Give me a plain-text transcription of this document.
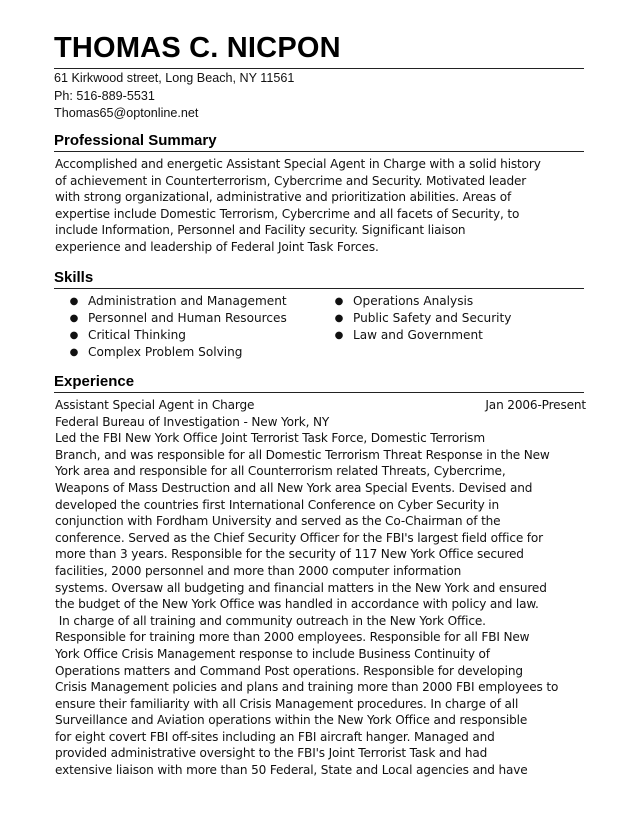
THOMAS C. NICPON
61 Kirkwood street, Long Beach, NY 11561
Ph: 516-889-5531
Thomas65@optonline.net
Professional Summary
Accomplished and energetic Assistant Special Agent in Charge with a solid history
of achievement in Counterterrorism, Cybercrime and Security. Motivated leader
with strong organizational, administrative and prioritization abilities. Areas of
expertise include Domestic Terrorism, Cybercrime and all facets of Security, to
include Information, Personnel and Facility security. Significant liaison
experience and leadership of Federal Joint Task Forces.
Skills
● Administration and Management
● Personnel and Human Resources
● Critical Thinking
● Complex Problem Solving
● Operations Analysis
● Public Safety and Security
● Law and Government
Experience
Assistant Special Agent in Charge	Jan 2006-Present
Federal Bureau of Investigation - New York, NY
Led the FBI New York Office Joint Terrorist Task Force, Domestic Terrorism
Branch, and was responsible for all Domestic Terrorism Threat Response in the New
York area and responsible for all Counterrorism related Threats, Cybercrime,
Weapons of Mass Destruction and all New York area Special Events. Devised and
developed the countries first International Conference on Cyber Security in
conjunction with Fordham University and served as the Co-Chairman of the
conference. Served as the Chief Security Officer for the FBI's largest field office for
more than 3 years. Responsible for the security of 117 New York Office secured
facilities, 2000 personnel and more than 2000 computer information
systems. Oversaw all budgeting and financial matters in the New York and ensured
the budget of the New York Office was handled in accordance with policy and law.
In charge of all training and community outreach in the New York Office.
Responsible for training more than 2000 employees. Responsible for all FBI New
York Office Crisis Management response to include Business Continuity of
Operations matters and Command Post operations. Responsible for developing
Crisis Management policies and plans and training more than 2000 FBI employees to
ensure their familiarity with all Crisis Management procedures. In charge of all
Surveillance and Aviation operations within the New York Office and responsible
for eight covert FBI off-sites including an FBI aircraft hanger. Managed and
provided administrative oversight to the FBI's Joint Terrorist Task and had
extensive liaison with more than 50 Federal, State and Local agencies and have
